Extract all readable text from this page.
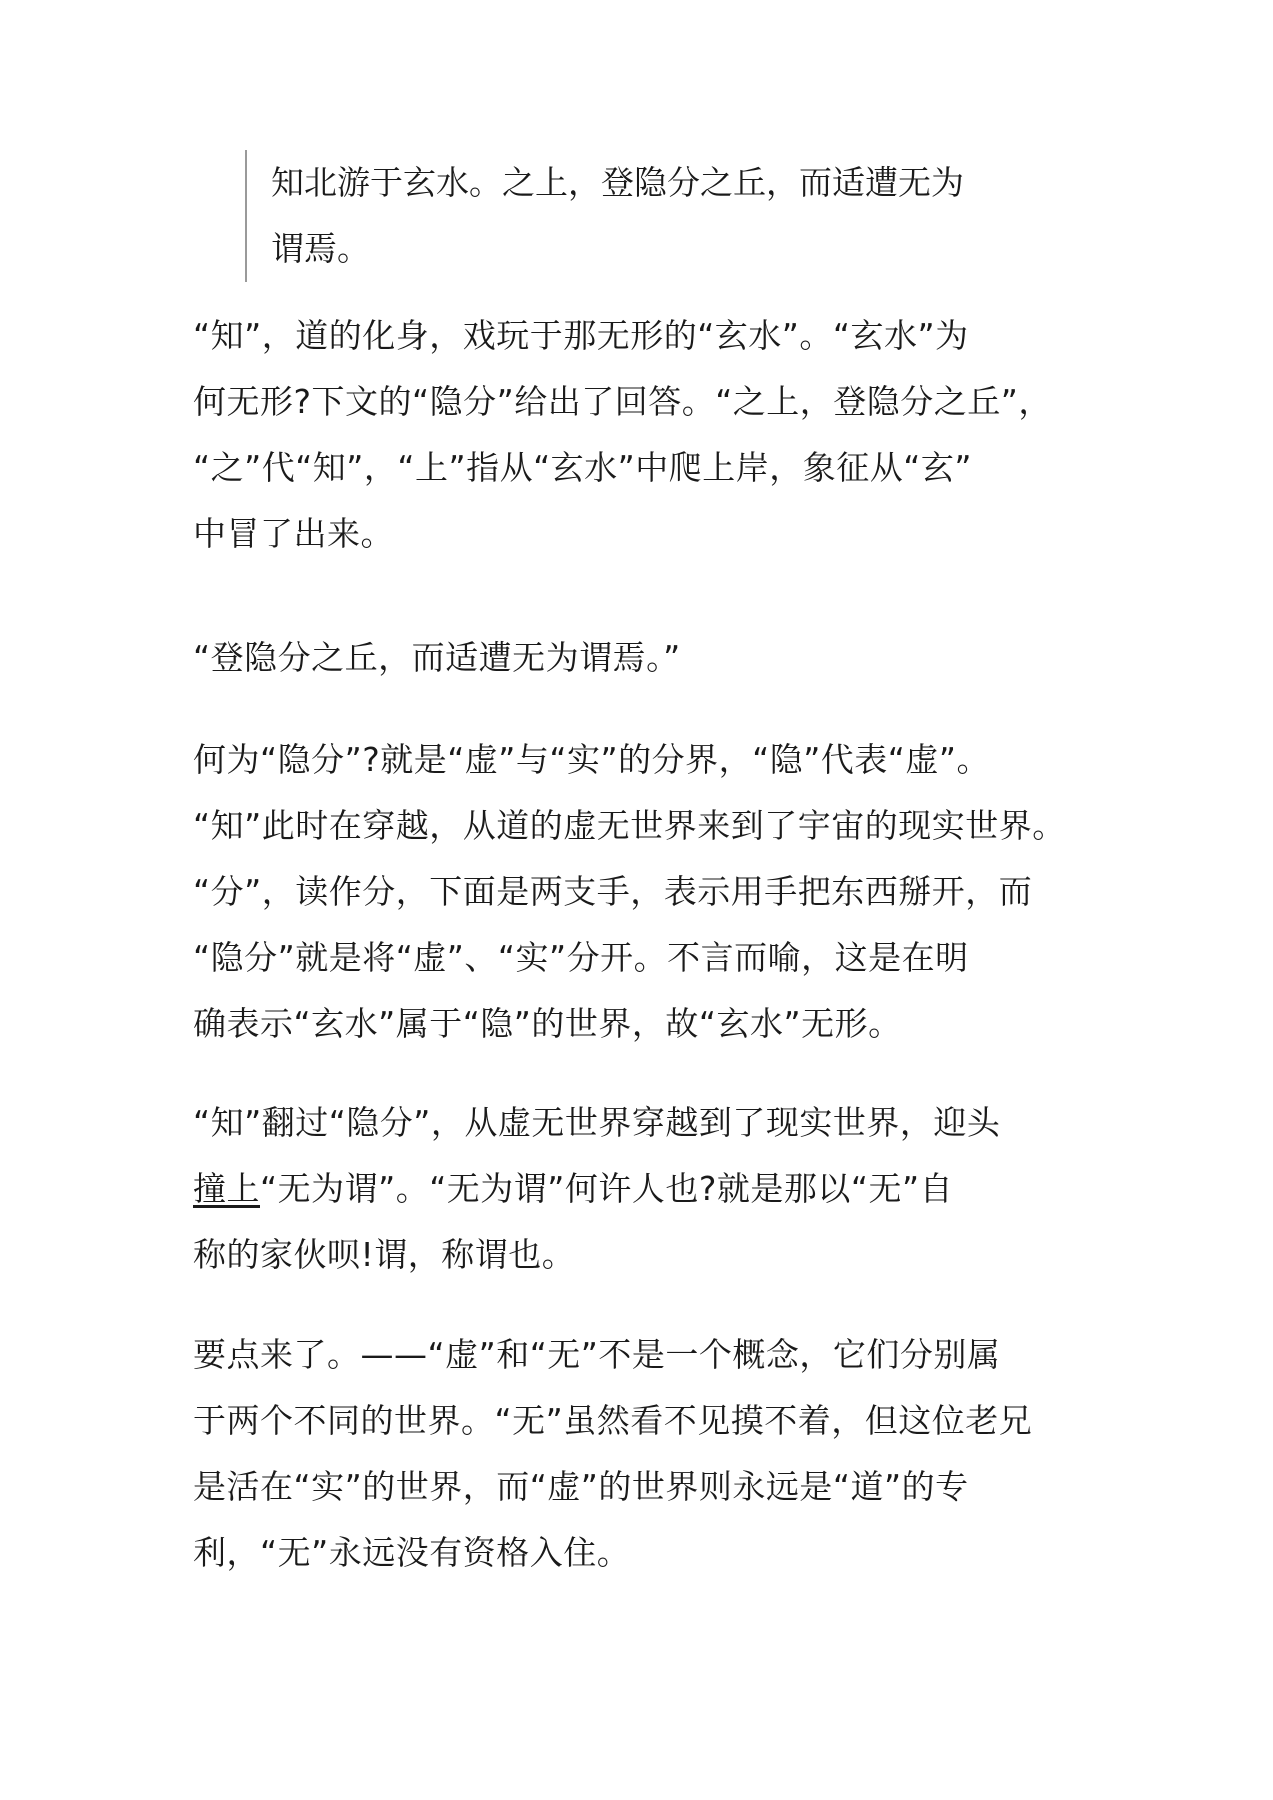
知北游于玄水。之上，登隐分之丘，而适遭无为

谓焉。

“知”，道的化身，戏玩于那无形的“玄水”。“玄水”为
何无形?下文的“隐分”给出了回答。“之上，登隐分之丘”，
“之”代“知”，“上”指从“玄水”中爬上岸，象征从“玄”
中冒了出来。

“登隐分之丘，而适遭无为谓焉。”

何为“隐分”?就是“虚”与“实”的分界，“隐”代表“虚”。
“知”此时在穿越，从道的虚无世界来到了宇宙的现实世界。
“分”，读作分，下面是两支手，表示用手把东西掰开，而
“隐分”就是将“虚”、“实”分开。不言而喻，这是在明
确表示“玄水”属于“隐”的世界，故“玄水”无形。

“知”翻过“隐分”，从虚无世界穿越到了现实世界，迎头
撞上“无为谓”。“无为谓”何许人也?就是那以“无”自
称的家伙呗!谓，称谓也。

要点来了。——“虚”和“无”不是一个概念，它们分别属
于两个不同的世界。“无”虽然看不见摸不着，但这位老兄
是活在“实”的世界，而“虚”的世界则永远是“道”的专
利，“无”永远没有资格入住。
